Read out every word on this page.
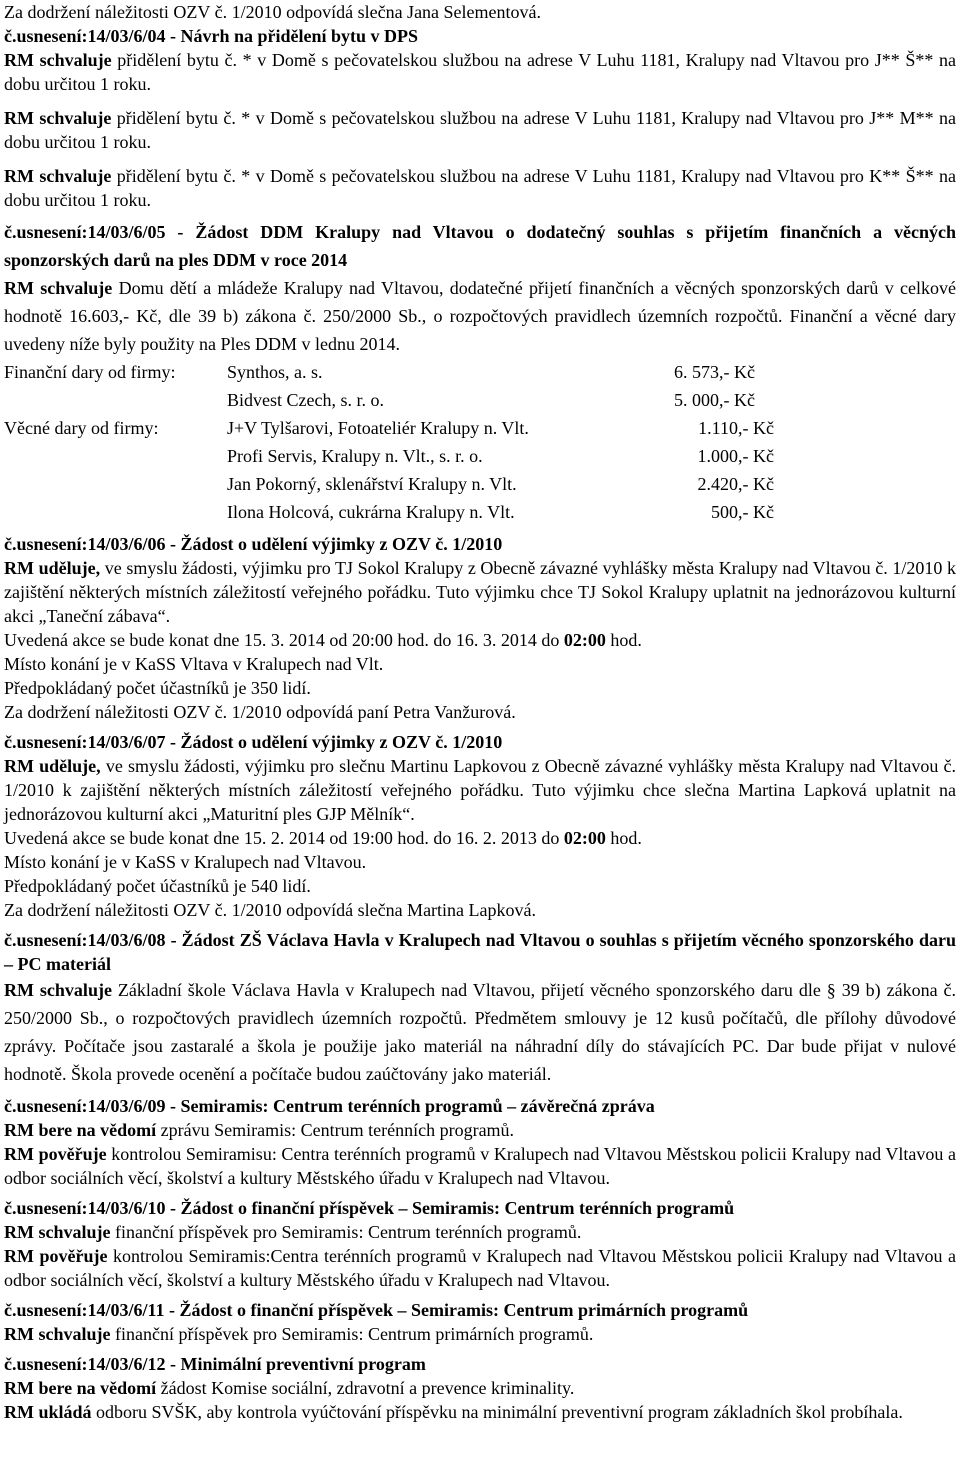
Za dodržení náležitosti OZV č. 1/2010 odpovídá slečna Jana Selementová.

č.usnesení:14/03/6/04 - Návrh na přidělení bytu v DPS

RM schvaluje přidělení bytu č. * v Domě s pečovatelskou službou na adrese V Luhu 1181, Kralupy nad Vltavou pro J** Š** na dobu určitou 1 roku.

RM schvaluje přidělení bytu č. * v Domě s pečovatelskou službou na adrese V Luhu 1181, Kralupy nad Vltavou pro J** M** na dobu určitou 1 roku.

RM schvaluje přidělení bytu č. * v Domě s pečovatelskou službou na adrese V Luhu 1181, Kralupy nad Vltavou pro K** Š** na dobu určitou 1 roku.

č.usnesení:14/03/6/05 - Žádost DDM Kralupy nad Vltavou o dodatečný souhlas s přijetím finančních a věcných sponzorských darů na ples DDM v roce 2014

RM schvaluje Domu dětí a mládeže Kralupy nad Vltavou, dodatečné přijetí finančních a věcných sponzorských darů v celkové hodnotě 16.603,- Kč, dle 39 b) zákona č. 250/2000 Sb., o rozpočtových pravidlech územních rozpočtů. Finanční a věcné dary uvedeny níže byly použity na Ples DDM v lednu 2014.

Finanční dary od firmy:	Synthos, a. s.	6. 573,- Kč
	Bidvest Czech, s. r. o.	5. 000,- Kč
Věcné dary od firmy:	J+V Tylšarovi, Fotoateliér Kralupy n. Vlt.	1.110,- Kč
	Profi Servis, Kralupy n. Vlt., s. r. o.	1.000,- Kč
	Jan Pokorný, sklenářství Kralupy n. Vlt.	2.420,- Kč
	Ilona Holcová, cukrárna Kralupy n. Vlt.	500,- Kč

č.usnesení:14/03/6/06 - Žádost o udělení výjimky z OZV č. 1/2010

RM uděluje, ve smyslu žádosti, výjimku pro TJ Sokol Kralupy z Obecně závazné vyhlášky města Kralupy nad Vltavou č. 1/2010 k zajištění některých místních záležitostí veřejného pořádku. Tuto výjimku chce TJ Sokol Kralupy uplatnit na jednorázovou kulturní akci „Taneční zábava“.

Uvedená akce se bude konat dne 15. 3. 2014 od 20:00 hod. do 16. 3. 2014 do 02:00 hod.

Místo konání je v KaSS Vltava v Kralupech nad Vlt.

Předpokládaný počet účastníků je 350 lidí.

Za dodržení náležitosti OZV č. 1/2010 odpovídá paní Petra Vanžurová.

č.usnesení:14/03/6/07 - Žádost o udělení výjimky z OZV č. 1/2010

RM uděluje, ve smyslu žádosti, výjimku pro slečnu Martinu Lapkovou z Obecně závazné vyhlášky města Kralupy nad Vltavou č. 1/2010 k zajištění některých místních záležitostí veřejného pořádku. Tuto výjimku chce slečna Martina Lapková uplatnit na jednorázovou kulturní akci „Maturitní ples GJP Mělník“.

Uvedená akce se bude konat dne 15. 2. 2014 od 19:00 hod. do 16. 2. 2013 do 02:00 hod.

Místo konání je v KaSS v Kralupech nad Vltavou.

Předpokládaný počet účastníků je 540 lidí.

Za dodržení náležitosti OZV č. 1/2010 odpovídá slečna Martina Lapková.

č.usnesení:14/03/6/08 - Žádost ZŠ Václava Havla v Kralupech nad Vltavou o souhlas s přijetím věcného sponzorského daru – PC materiál

RM schvaluje Základní škole Václava Havla v Kralupech nad Vltavou, přijetí věcného sponzorského daru dle § 39 b) zákona č. 250/2000 Sb., o rozpočtových pravidlech územních rozpočtů. Předmětem smlouvy je 12 kusů počítačů, dle přílohy důvodové zprávy. Počítače jsou zastaralé a škola je použije jako materiál na náhradní díly do stávajících PC. Dar bude přijat v nulové hodnotě. Škola provede ocenění a počítače budou zaúčtovány jako materiál.

č.usnesení:14/03/6/09 - Semiramis: Centrum terénních programů – závěrečná zpráva

RM bere na vědomí zprávu Semiramis: Centrum terénních programů.

RM pověřuje kontrolou Semiramisu: Centra terénních programů v Kralupech nad Vltavou Městskou policii Kralupy nad Vltavou a odbor sociálních věcí, školství a kultury Městského úřadu v Kralupech nad Vltavou.

č.usnesení:14/03/6/10 - Žádost o finanční příspěvek – Semiramis: Centrum terénních programů

RM schvaluje finanční příspěvek pro Semiramis: Centrum terénních programů.

RM pověřuje kontrolou Semiramis:Centra terénních programů v Kralupech nad Vltavou Městskou policii Kralupy nad Vltavou a odbor sociálních věcí, školství a kultury Městského úřadu v Kralupech nad Vltavou.

č.usnesení:14/03/6/11 - Žádost o finanční příspěvek – Semiramis: Centrum primárních programů

RM schvaluje finanční příspěvek pro Semiramis: Centrum primárních programů.

č.usnesení:14/03/6/12 - Minimální preventivní program

RM bere na vědomí žádost Komise sociální, zdravotní a prevence kriminality.

RM ukládá odboru SVŠK, aby kontrola vyúčtování příspěvku na minimální preventivní program základních škol probíhala.
